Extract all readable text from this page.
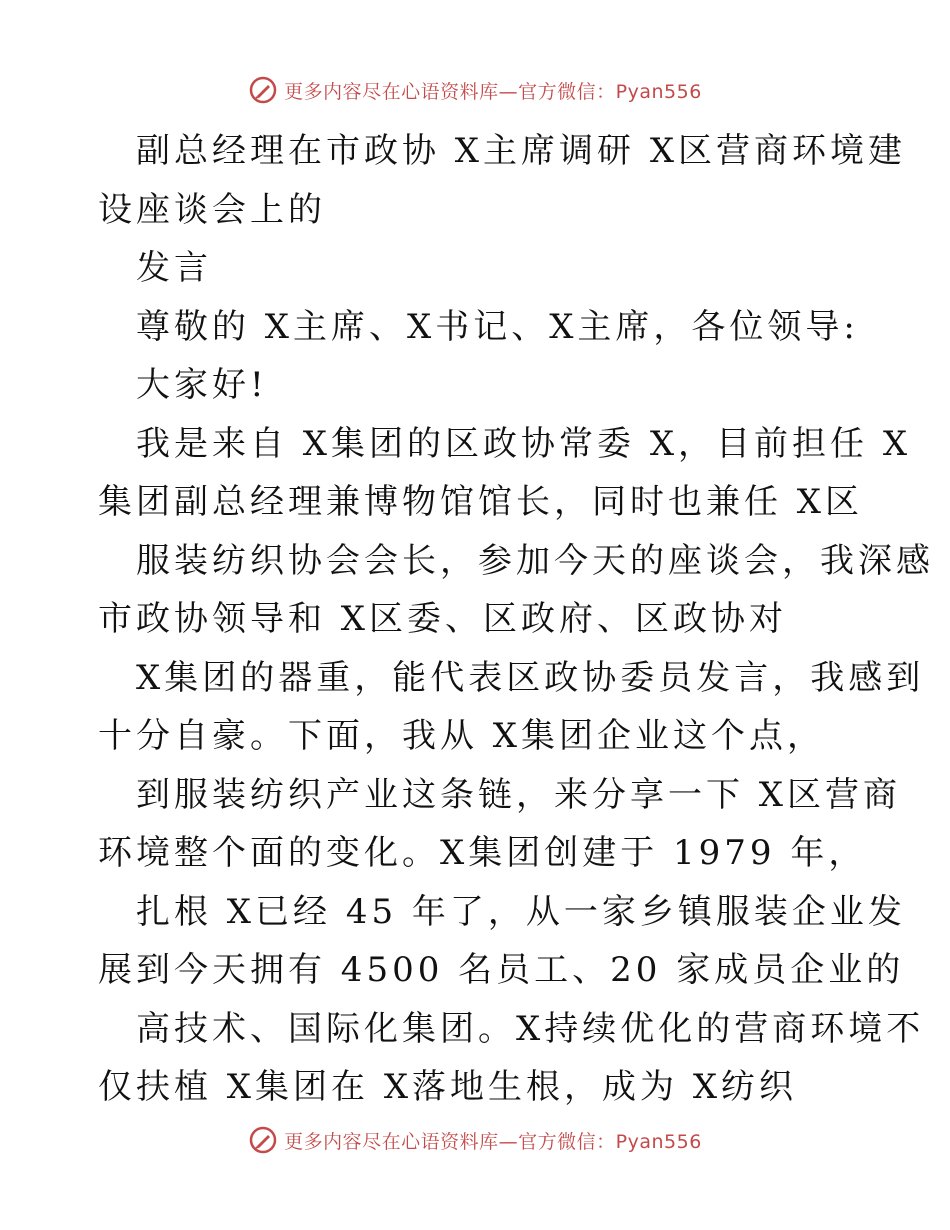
更多内容尽在心语资料库—官方微信：Pyan556
副总经理在市政协 X主席调研 X区营商环境建
设座谈会上的
发言
尊敬的 X主席、X书记、X主席，各位领导:
大家好!
我是来自 X集团的区政协常委 X，目前担任 X
集团副总经理兼博物馆馆长，同时也兼任 X区
服装纺织协会会长，参加今天的座谈会，我深感
市政协领导和 X区委、区政府、区政协对
X集团的器重，能代表区政协委员发言，我感到
十分自豪。下面，我从 X集团企业这个点，
到服装纺织产业这条链，来分享一下 X区营商
环境整个面的变化。X集团创建于 1979 年，
扎根 X已经 45 年了，从一家乡镇服装企业发
展到今天拥有 4500 名员工、20 家成员企业的
高技术、国际化集团。X持续优化的营商环境不
仅扶植 X集团在 X落地生根，成为 X纺织
更多内容尽在心语资料库—官方微信：Pyan556
